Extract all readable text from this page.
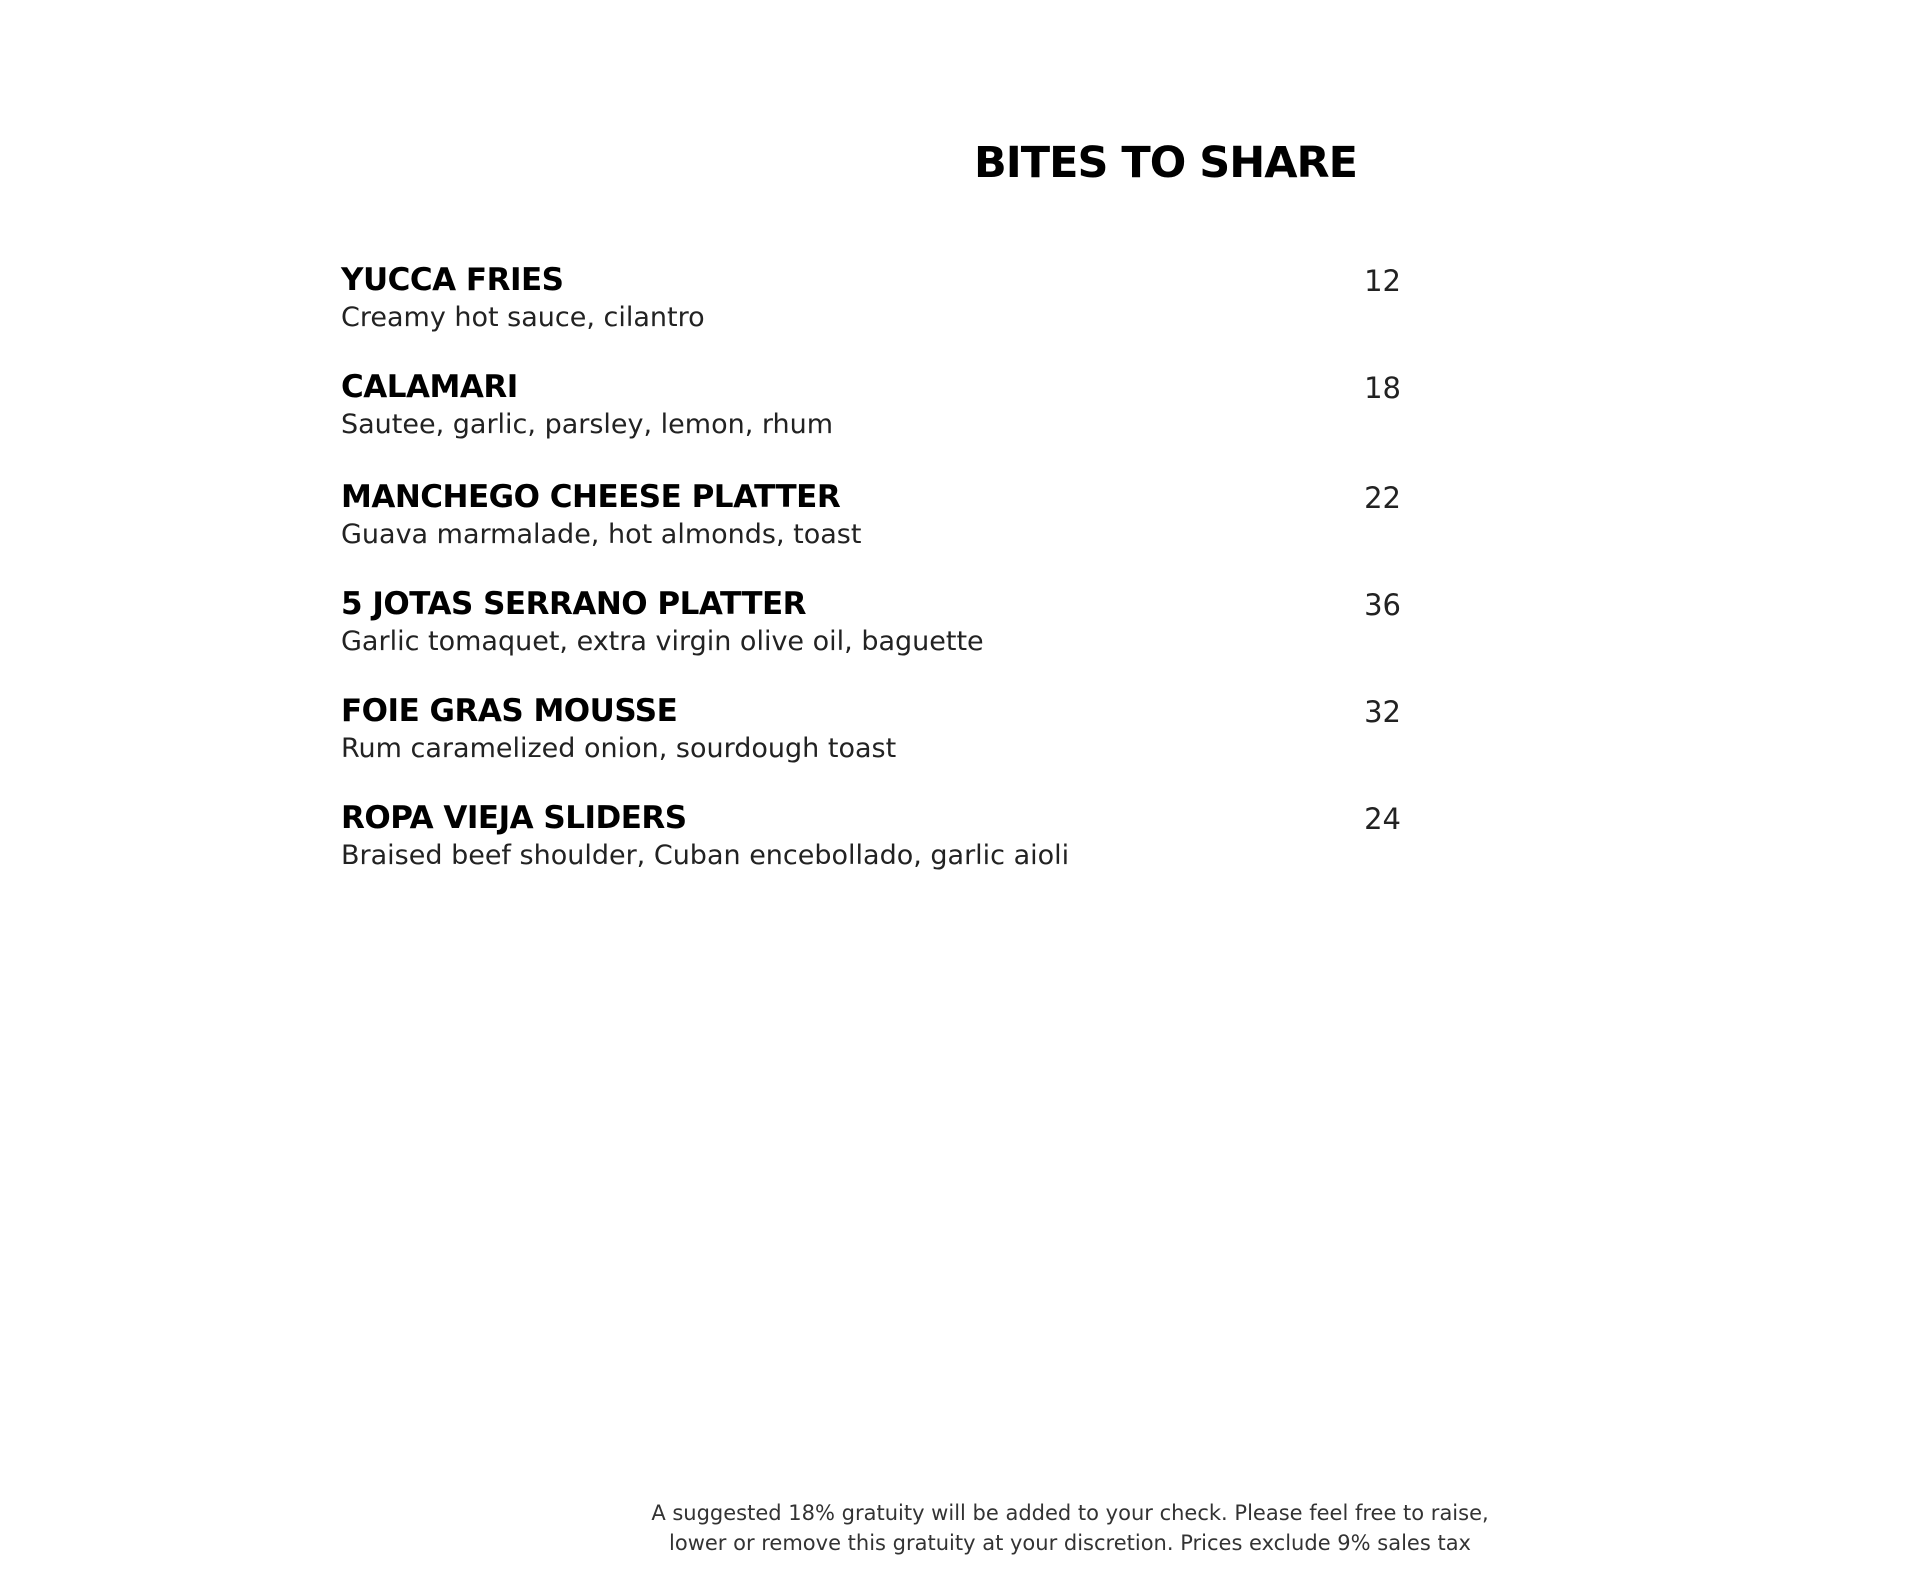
BITES TO SHARE
YUCCA FRIES
Creamy hot sauce, cilantro
12
CALAMARI
Sautee, garlic, parsley, lemon, rhum
18
MANCHEGO CHEESE PLATTER
Guava marmalade, hot almonds, toast
22
5 JOTAS SERRANO PLATTER
Garlic tomaquet, extra virgin olive oil, baguette
36
FOIE GRAS MOUSSE
Rum caramelized onion, sourdough toast
32
ROPA VIEJA SLIDERS
Braised beef shoulder, Cuban encebollado, garlic aioli
24
A suggested 18% gratuity will be added to your check. Please feel free to raise,
lower or remove this gratuity at your discretion. Prices exclude 9% sales tax
